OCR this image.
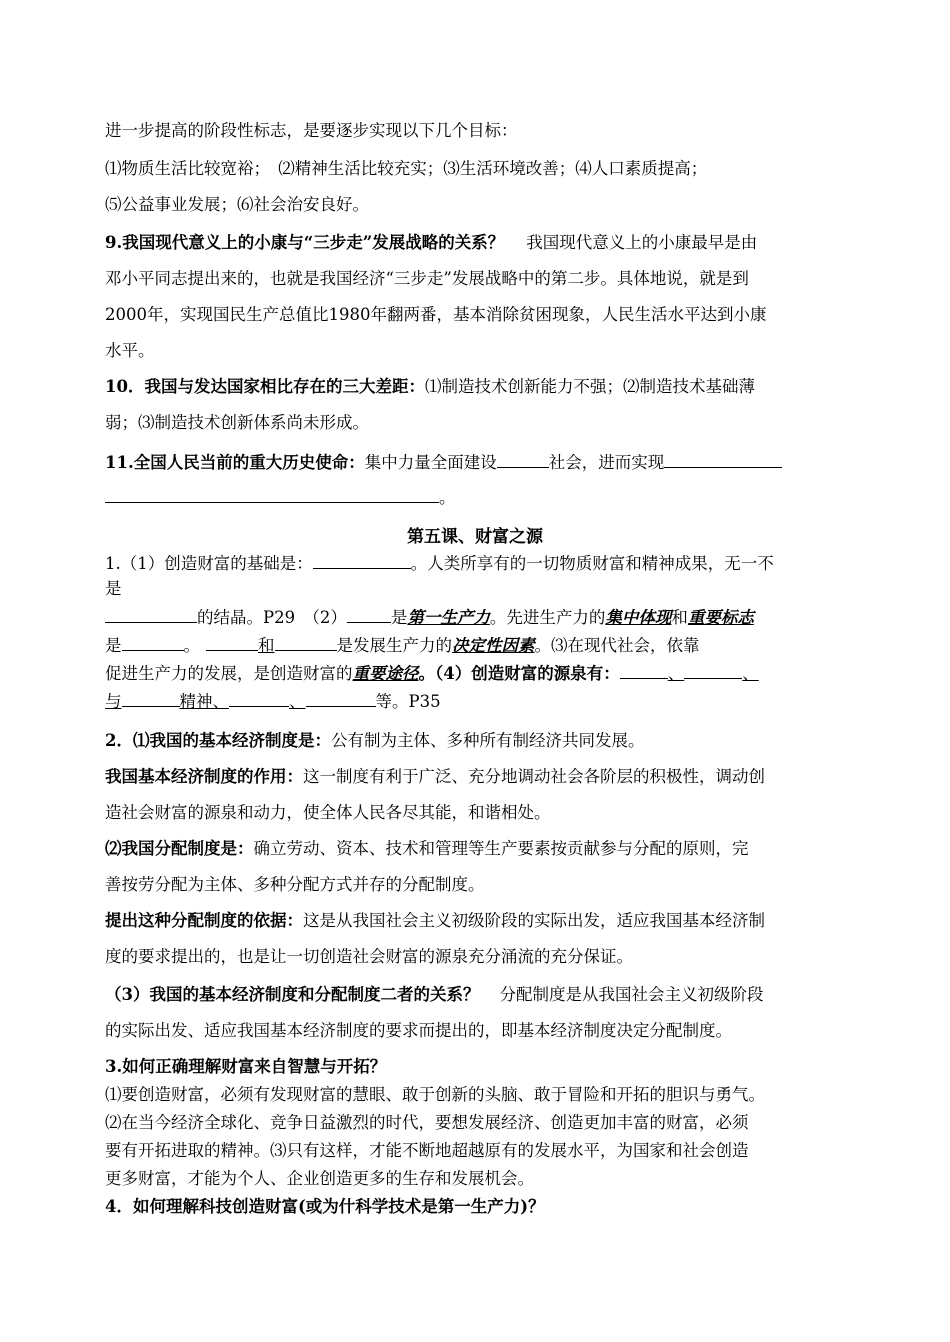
进一步提高的阶段性标志，是要逐步实现以下几个目标：
⑴物质生活比较宽裕；　⑵精神生活比较充实；⑶生活环境改善；⑷人口素质提高；
⑸公益事业发展；⑹社会治安良好。
9.我国现代意义上的小康与“三步走”发展战略的关系？ 我国现代意义上的小康最早是由
邓小平同志提出来的，也就是我国经济“三步走”发展战略中的第二步。具体地说，就是到
2000年，实现国民生产总值比1980年翻两番，基本消除贫困现象，人民生活水平达到小康
水平。
10．我国与发达国家相比存在的三大差距：⑴制造技术创新能力不强；⑵制造技术基础薄
弱；⑶制造技术创新体系尚未形成。
11.全国人民当前的重大历史使命：集中力量全面建设	社会，进而实现
。
第五课、财富之源
1.（1）创造财富的基础是：	。人类所享有的一切物质财富和精神成果，无一不
是
的结晶。P29　（2）	是第一生产力。先进生产力的集中体现和重要标志
是	。	和	是发展生产力的决定性因素。⑶在现代社会，依靠
促进生产力的发展，是创造财富的重要途径。（4）创造财富的源泉有：	、	、
与	精神、	、	等。P35
2．⑴我国的基本经济制度是：公有制为主体、多种所有制经济共同发展。
我国基本经济制度的作用：这一制度有利于广泛、充分地调动社会各阶层的积极性，调动创
造社会财富的源泉和动力，使全体人民各尽其能，和谐相处。
⑵我国分配制度是：确立劳动、资本、技术和管理等生产要素按贡献参与分配的原则，完
善按劳分配为主体、多种分配方式并存的分配制度。
提出这种分配制度的依据：这是从我国社会主义初级阶段的实际出发，适应我国基本经济制
度的要求提出的，也是让一切创造社会财富的源泉充分涌流的充分保证。
（3）我国的基本经济制度和分配制度二者的关系？ 分配制度是从我国社会主义初级阶段
的实际出发、适应我国基本经济制度的要求而提出的，即基本经济制度决定分配制度。
3.如何正确理解财富来自智慧与开拓？
⑴要创造财富，必须有发现财富的慧眼、敢于创新的头脑、敢于冒险和开拓的胆识与勇气。
⑵在当今经济全球化、竞争日益激烈的时代，要想发展经济、创造更加丰富的财富，必须
要有开拓进取的精神。⑶只有这样，才能不断地超越原有的发展水平，为国家和社会创造
更多财富，才能为个人、企业创造更多的生存和发展机会。
4．如何理解科技创造财富(或为什科学技术是第一生产力)？
